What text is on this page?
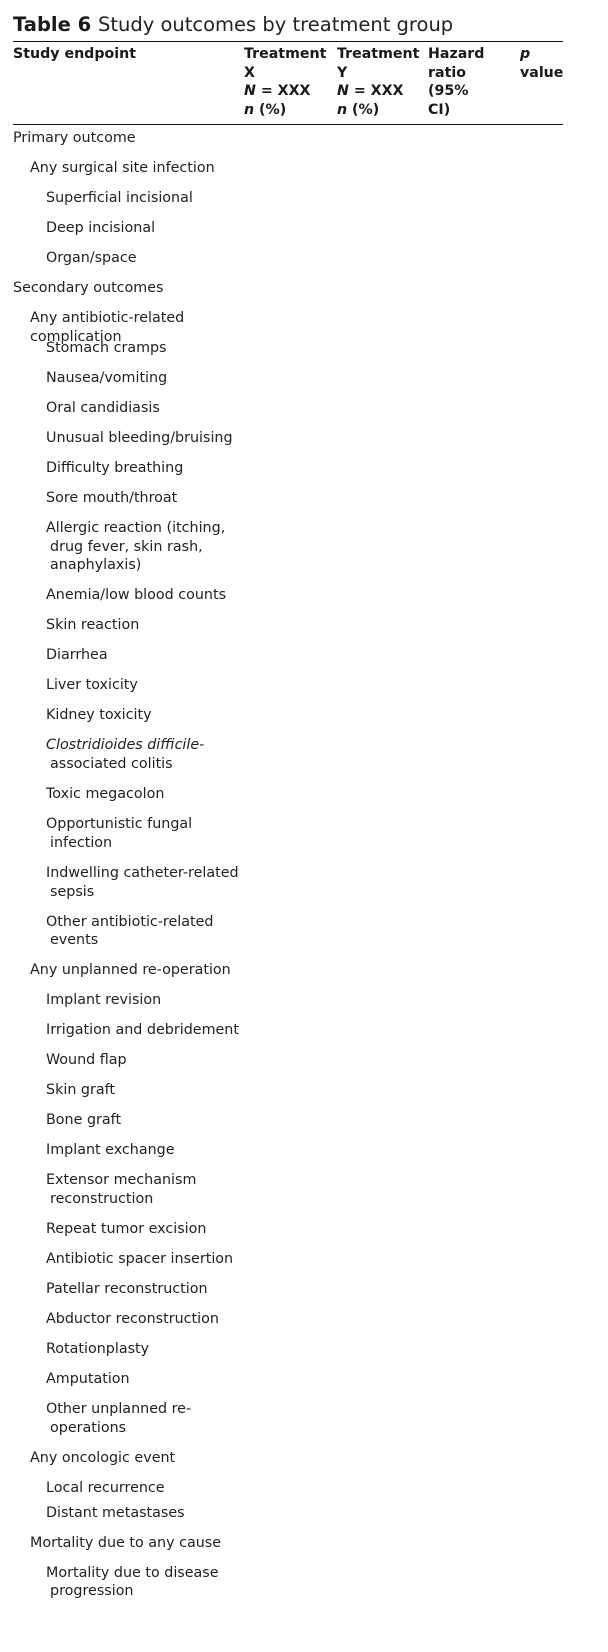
Table 6 Study outcomes by treatment group
Study endpoint	Treatment
X
N = XXX
n (%)
Treatment
Y
N = XXX
n (%)
Hazard
ratio (95%
CI)
p
value
Primary outcome
Any surgical site infection
Superficial incisional
Deep incisional
Organ/space
Secondary outcomes
Any antibiotic-related complication
Stomach cramps
Nausea/vomiting
Oral candidiasis
Unusual bleeding/bruising
Difficulty breathing
Sore mouth/throat
Allergic reaction (itching,
drug fever, skin rash,
anaphylaxis)
Anemia/low blood counts
Skin reaction
Diarrhea
Liver toxicity
Kidney toxicity
Clostridioides difficile-
associated colitis
Toxic megacolon
Opportunistic fungal
infection
Indwelling catheter-related
sepsis
Other antibiotic-related
events
Any unplanned re-operation
Implant revision
Irrigation and debridement
Wound flap
Skin graft
Bone graft
Implant exchange
Extensor mechanism
reconstruction
Repeat tumor excision
Antibiotic spacer insertion
Patellar reconstruction
Abductor reconstruction
Rotationplasty
Amputation
Other unplanned re-
operations
Any oncologic event
Local recurrence
Distant metastases
Mortality due to any cause
Mortality due to disease
progression
